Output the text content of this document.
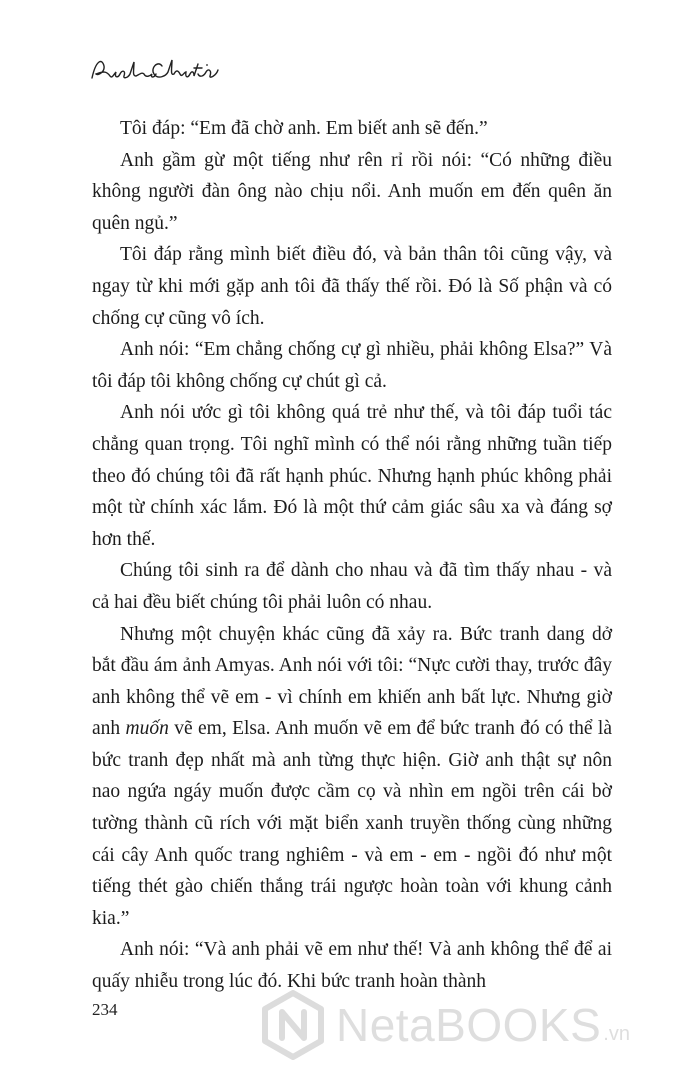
Tôi đáp: “Em đã chờ anh. Em biết anh sẽ đến.”

Anh gầm gừ một tiếng như rên rỉ rồi nói: “Có những điều không người đàn ông nào chịu nổi. Anh muốn em đến quên ăn quên ngủ.”

Tôi đáp rằng mình biết điều đó, và bản thân tôi cũng vậy, và ngay từ khi mới gặp anh tôi đã thấy thế rồi. Đó là Số phận và có chống cự cũng vô ích.

Anh nói: “Em chẳng chống cự gì nhiều, phải không Elsa?” Và tôi đáp tôi không chống cự chút gì cả.

Anh nói ước gì tôi không quá trẻ như thế, và tôi đáp tuổi tác chẳng quan trọng. Tôi nghĩ mình có thể nói rằng những tuần tiếp theo đó chúng tôi đã rất hạnh phúc. Nhưng hạnh phúc không phải một từ chính xác lắm. Đó là một thứ cảm giác sâu xa và đáng sợ hơn thế.

Chúng tôi sinh ra để dành cho nhau và đã tìm thấy nhau - và cả hai đều biết chúng tôi phải luôn có nhau.

Nhưng một chuyện khác cũng đã xảy ra. Bức tranh dang dở bắt đầu ám ảnh Amyas. Anh nói với tôi: “Nực cười thay, trước đây anh không thể vẽ em - vì chính em khiến anh bất lực. Nhưng giờ anh muốn vẽ em, Elsa. Anh muốn vẽ em để bức tranh đó có thể là bức tranh đẹp nhất mà anh từng thực hiện. Giờ anh thật sự nôn nao ngứa ngáy muốn được cầm cọ và nhìn em ngồi trên cái bờ tường thành cũ rích với mặt biển xanh truyền thống cùng những cái cây Anh quốc trang nghiêm - và em - em - ngồi đó như một tiếng thét gào chiến thắng trái ngược hoàn toàn với khung cảnh kia.”

Anh nói: “Và anh phải vẽ em như thế! Và anh không thể để ai quấy nhiễu trong lúc đó. Khi bức tranh hoàn thành

234	NetaBOOKS .vn
